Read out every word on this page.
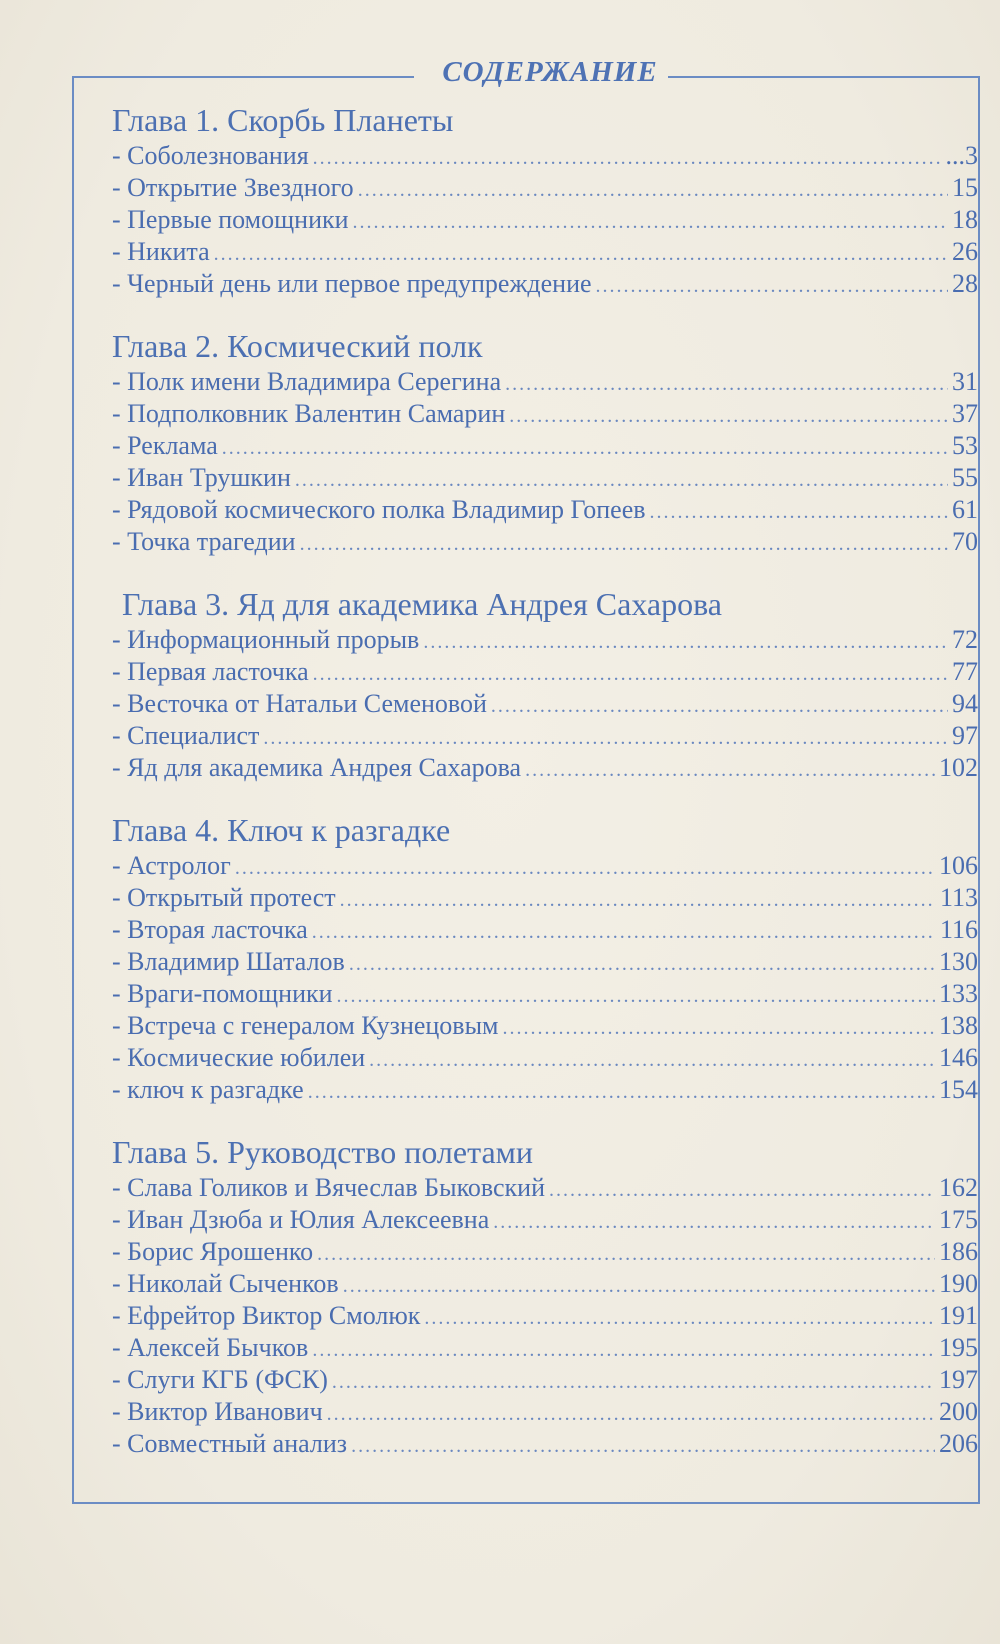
СОДЕРЖАНИЕ
Глава 1. Скорбь Планеты
- Соболезнования .....	...3
- Открытие Звездного .....	15
- Первые помощники .....	18
- Никита .....	26
- Черный день или первое предупреждение .....	28
Глава 2. Космический полк
- Полк имени Владимира Серегина .....	31
- Подполковник Валентин Самарин .....	37
- Реклама .....	53
- Иван Трушкин .....	55
- Рядовой космического полка Владимир Гопеев .....	61
- Точка трагедии .....	70
Глава 3. Яд для академика Андрея Сахарова
- Информационный прорыв .....	72
- Первая ласточка .....	77
- Весточка от Натальи Семеновой .....	94
- Специалист .....	97
- Яд для академика Андрея Сахарова .....	102
Глава 4. Ключ к разгадке
- Астролог .....	106
- Открытый протест .....	113
- Вторая ласточка .....	116
- Владимир Шаталов .....	130
- Враги-помощники .....	133
- Встреча с генералом Кузнецовым .....	138
- Космические юбилеи .....	146
- ключ к разгадке .....	154
Глава 5. Руководство полетами
- Слава Голиков и Вячеслав Быковский .....	162
- Иван Дзюба и Юлия Алексеевна .....	175
- Борис Ярошенко .....	186
- Николай Сыченков .....	190
- Ефрейтор Виктор Смолюк .....	191
- Алексей Бычков .....	195
- Слуги КГБ (ФСК) .....	197
- Виктор Иванович .....	200
- Совместный анализ .....	206
